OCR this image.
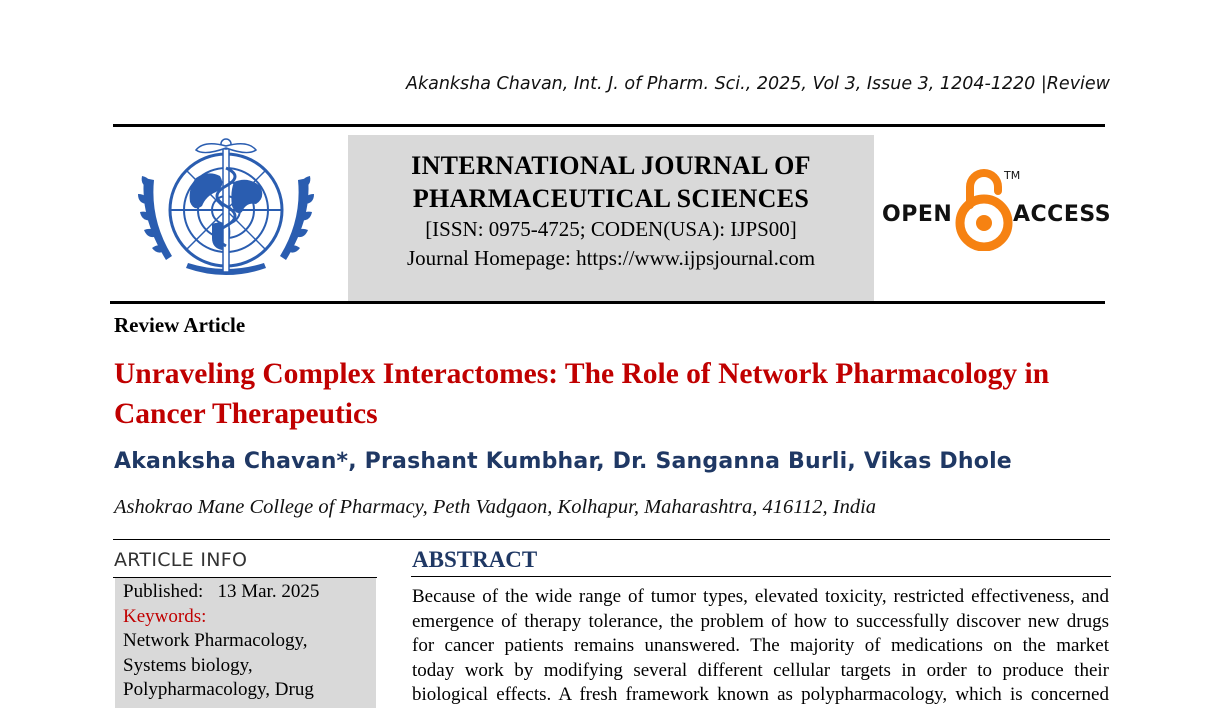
Akanksha Chavan, Int. J. of Pharm. Sci., 2025, Vol 3, Issue 3, 1204-1220 |Review
INTERNATIONAL JOURNAL OF
PHARMACEUTICAL SCIENCES
[ISSN: 0975-4725; CODEN(USA): IJPS00]
Journal Homepage: https://www.ijpsjournal.com
OPEN
TM
ACCESS
Review Article
Unraveling Complex Interactomes: The Role of Network Pharmacology in Cancer Therapeutics
Akanksha Chavan*, Prashant Kumbhar, Dr. Sanganna Burli, Vikas Dhole
Ashokrao Mane College of Pharmacy, Peth Vadgaon, Kolhapur, Maharashtra, 416112, India
ARTICLE INFO
Published: 13 Mar. 2025
Keywords:
Network Pharmacology,
Systems biology,
Polypharmacology, Drug
ABSTRACT
Because of the wide range of tumor types, elevated toxicity, restricted effectiveness, and
emergence of therapy tolerance, the problem of how to successfully discover new drugs
for cancer patients remains unanswered. The majority of medications on the market
today work by modifying several different cellular targets in order to produce their
biological effects. A fresh framework known as polypharmacology, which is concerned
